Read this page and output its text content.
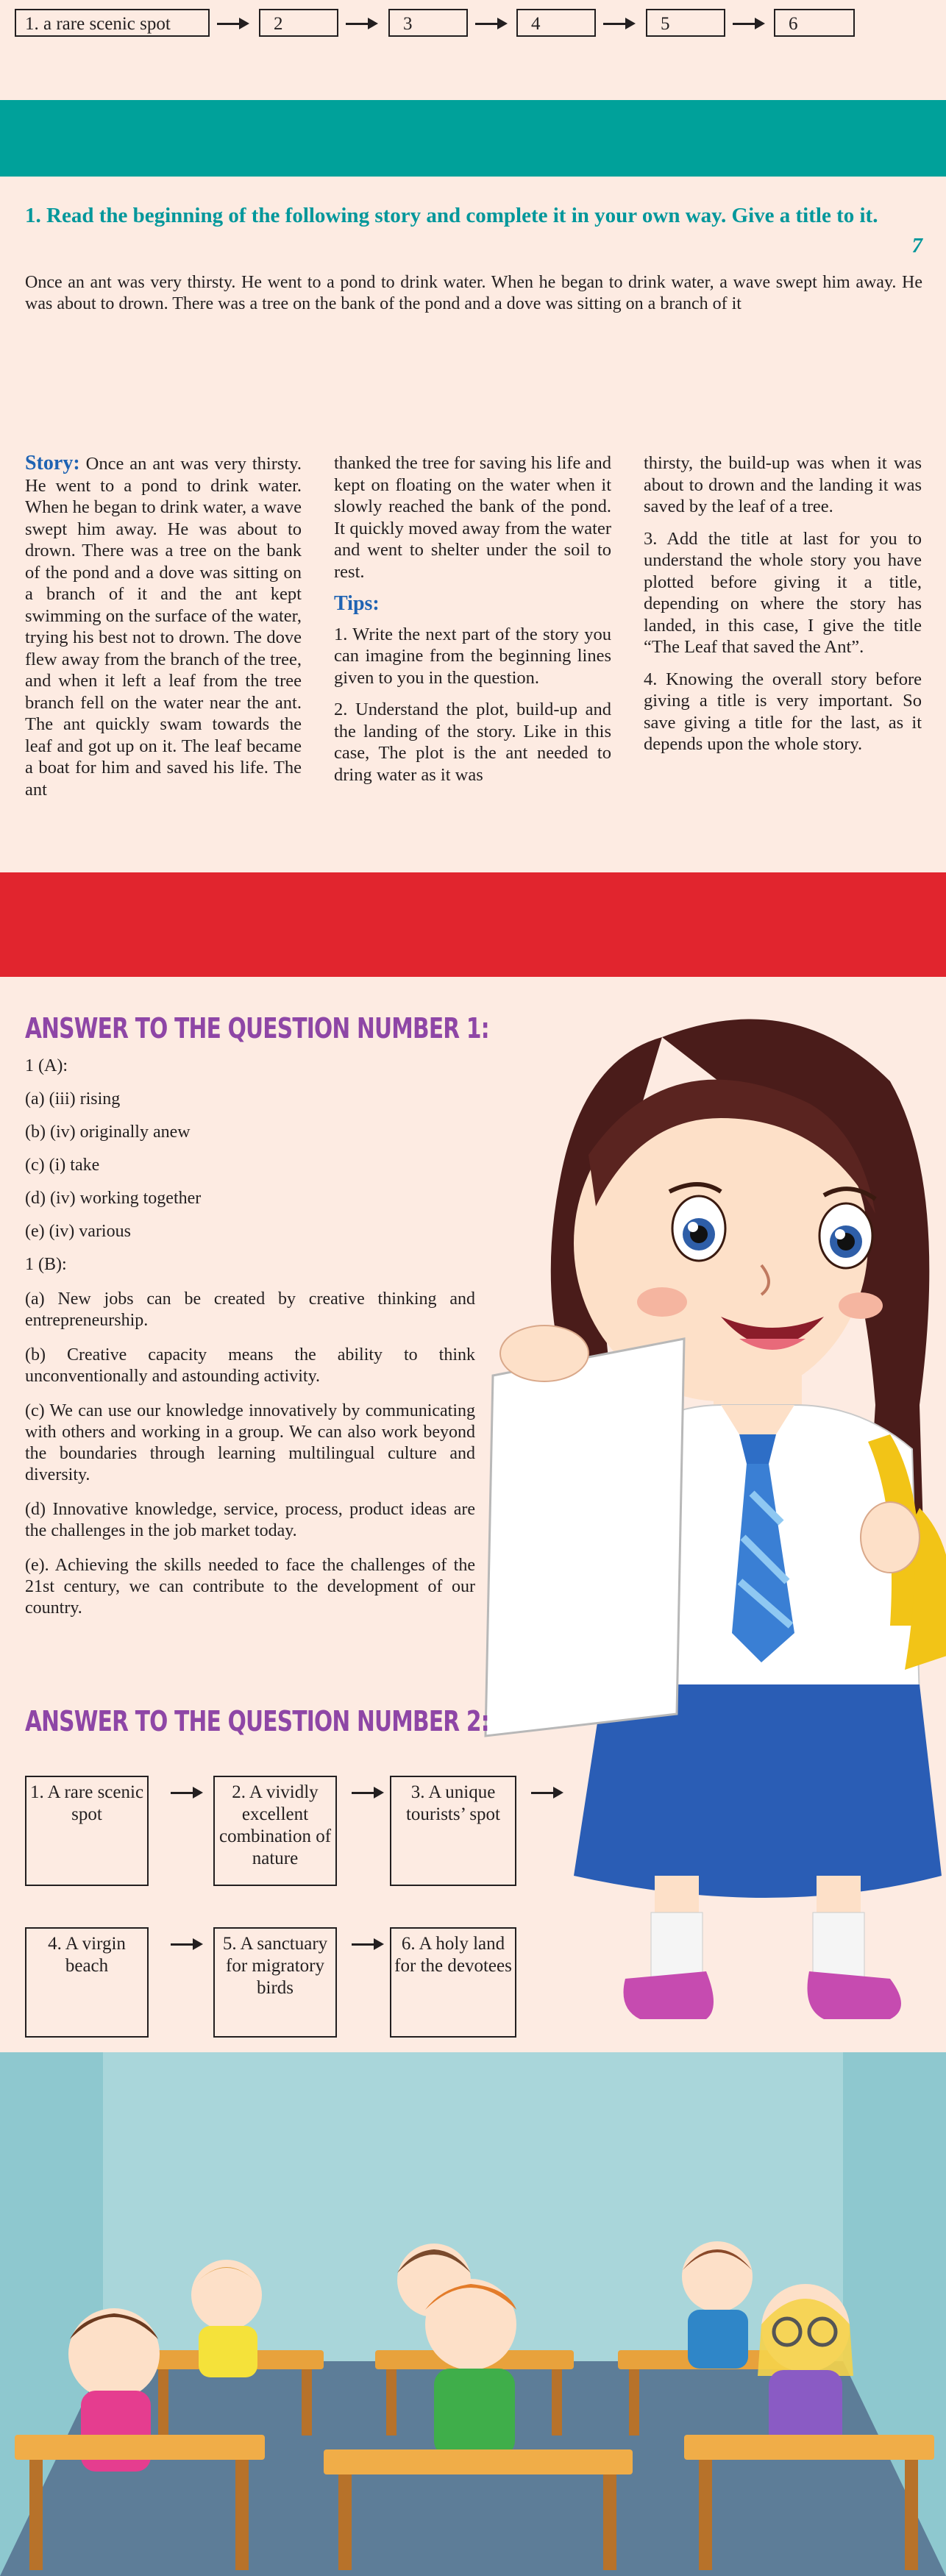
1. a rare scenic spot	2	3	4	5	6
1. Read the beginning of the following story and complete it in your own way. Give a title to it.
7
Once an ant was very thirsty. He went to a pond to drink water. When he began to drink water, a wave swept him away. He was about to drown. There was a tree on the bank of the pond and a dove was sitting on a branch of it

Story: Once an ant was very thirsty. He went to a pond to drink water. When he began to drink water, a wave swept him away. He was about to drown. There was a tree on the bank of the pond and a dove was sitting on a branch of it and the ant kept swimming on the surface of the water, trying his best not to drown. The dove flew away from the branch of the tree, and when it left a leaf from the tree branch fell on the water near the ant. The ant quickly swam towards the leaf and got up on it. The leaf became a boat for him and saved his life. The ant

thanked the tree for saving his life and kept on floating on the water when it slowly reached the bank of the pond. It quickly moved away from the water and went to shelter under the soil to rest.

Tips:

1. Write the next part of the story you can imagine from the beginning lines given to you in the question.

2. Understand the plot, build-up and the landing of the story. Like in this case, The plot is the ant needed to dring water as it was

thirsty, the build-up was when it was about to drown and the landing it was saved by the leaf of a tree.

3. Add the title at last for you to understand the whole story you have plotted before giving it a title, depending on where the story has landed, in this case, I give the title “The Leaf that saved the Ant”.

4. Knowing the overall story before giving a title is very important. So save giving a title for the last, as it depends upon the whole story.

ANSWER TO THE QUESTION NUMBER 1:

1 (A):

(a) (iii) rising

(b) (iv) originally anew

(c) (i) take

(d) (iv) working together

(e) (iv) various

1 (B):

(a) New jobs can be created by creative thinking and entrepreneurship.

(b) Creative capacity means the ability to think unconventionally and astounding activity.

(c) We can use our knowledge innovatively by communicating with others and working in a group. We can also work beyond the boundaries through learning multilingual culture and diversity.

(d) Innovative knowledge, service, process, product ideas are the challenges in the job market today.

(e). Achieving the skills needed to face the challenges of the 21st century, we can contribute to the development of our country.

ANSWER TO THE QUESTION NUMBER 2:
1. A rare scenic spot
2. A vividly excellent combination of nature
3. A unique tourists’ spot
4. A virgin beach
5. A sanctuary for migratory birds
6. A holy land for the devotees
